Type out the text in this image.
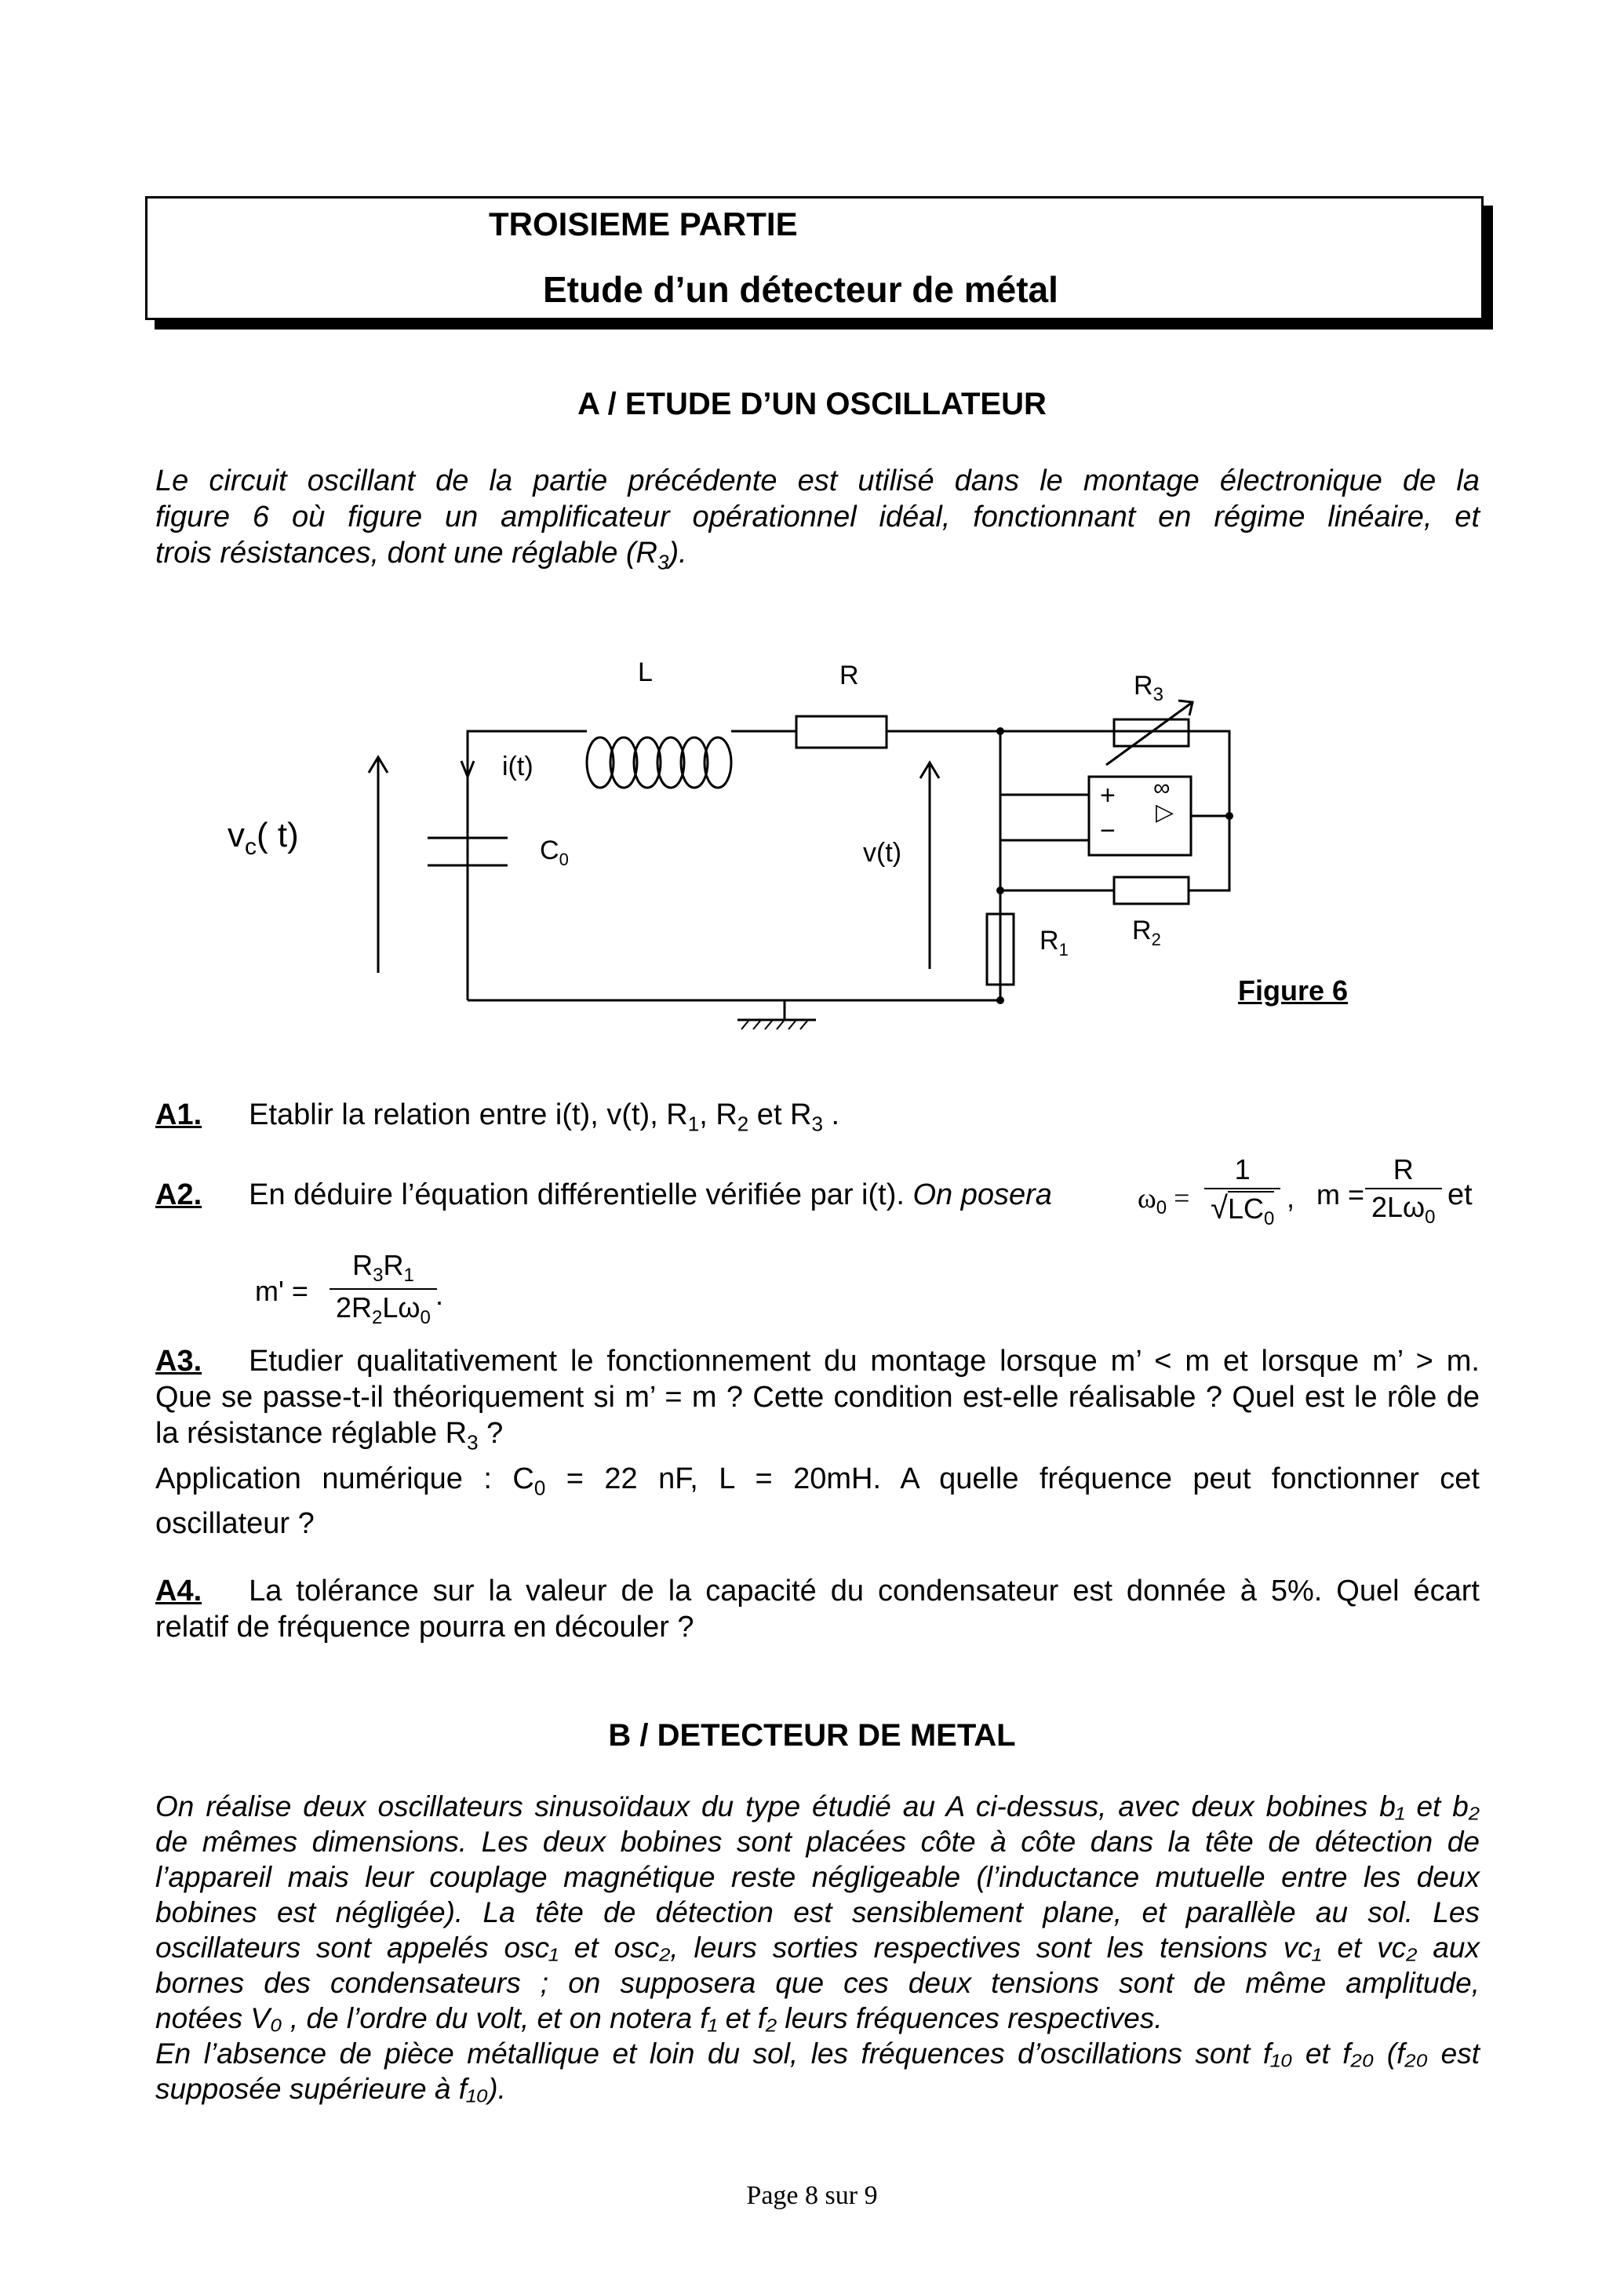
TROISIEME PARTIE
Etude d’un détecteur de métal
A / ETUDE D’UN OSCILLATEUR
Le circuit oscillant de la partie précédente est utilisé dans le montage électronique de la
figure 6 où figure un amplificateur opérationnel idéal, fonctionnant en régime linéaire, et
trois résistances, dont une réglable $(R_3)$.
L	R	$R_3$
i(t)
$C_0$	v(t)
$v_c$( t)
$R_1$
$R_2$
+
−
∞
▷
Figure 6
A1. Etablir la relation entre i(t), v(t), $R_1$, $R_2$ et $R_3$ .
A2. En déduire l’équation différentielle vérifiée par i(t). On posera	$\omega_0$ =
1
$√LC_0$
, m =
R
$2L\omega_0$
et
m' =
$R_3R_1$
$2R_2L\omega_0$
.
A3. Etudier qualitativement le fonctionnement du montage lorsque m’ < m et lorsque m’ > m.
Que se passe-t-il théoriquement si m’ = m ? Cette condition est-elle réalisable ? Quel est le rôle de
la résistance réglable $R_3$ ?
Application numérique : $C_0 = 22$ nF, L = 20mH. A quelle fréquence peut fonctionner cet
oscillateur ?
A4. La tolérance sur la valeur de la capacité du condensateur est donnée à 5%. Quel écart
relatif de fréquence pourra en découler ?
B / DETECTEUR DE METAL
On réalise deux oscillateurs sinusoïdaux du type étudié au A ci-dessus, avec deux bobines b₁ et b₂
de mêmes dimensions. Les deux bobines sont placées côte à côte dans la tête de détection de
l’appareil mais leur couplage magnétique reste négligeable (l’inductance mutuelle entre les deux
bobines est négligée). La tête de détection est sensiblement plane, et parallèle au sol. Les
oscillateurs sont appelés osc₁ et osc₂, leurs sorties respectives sont les tensions vc₁ et vc₂ aux
bornes des condensateurs ; on supposera que ces deux tensions sont de même amplitude,
notées V₀ , de l’ordre du volt, et on notera f₁ et f₂ leurs fréquences respectives.
En l’absence de pièce métallique et loin du sol, les fréquences d’oscillations sont f₁₀ et f₂₀ (f₂₀ est
supposée supérieure à f₁₀).
Page 8 sur 9
